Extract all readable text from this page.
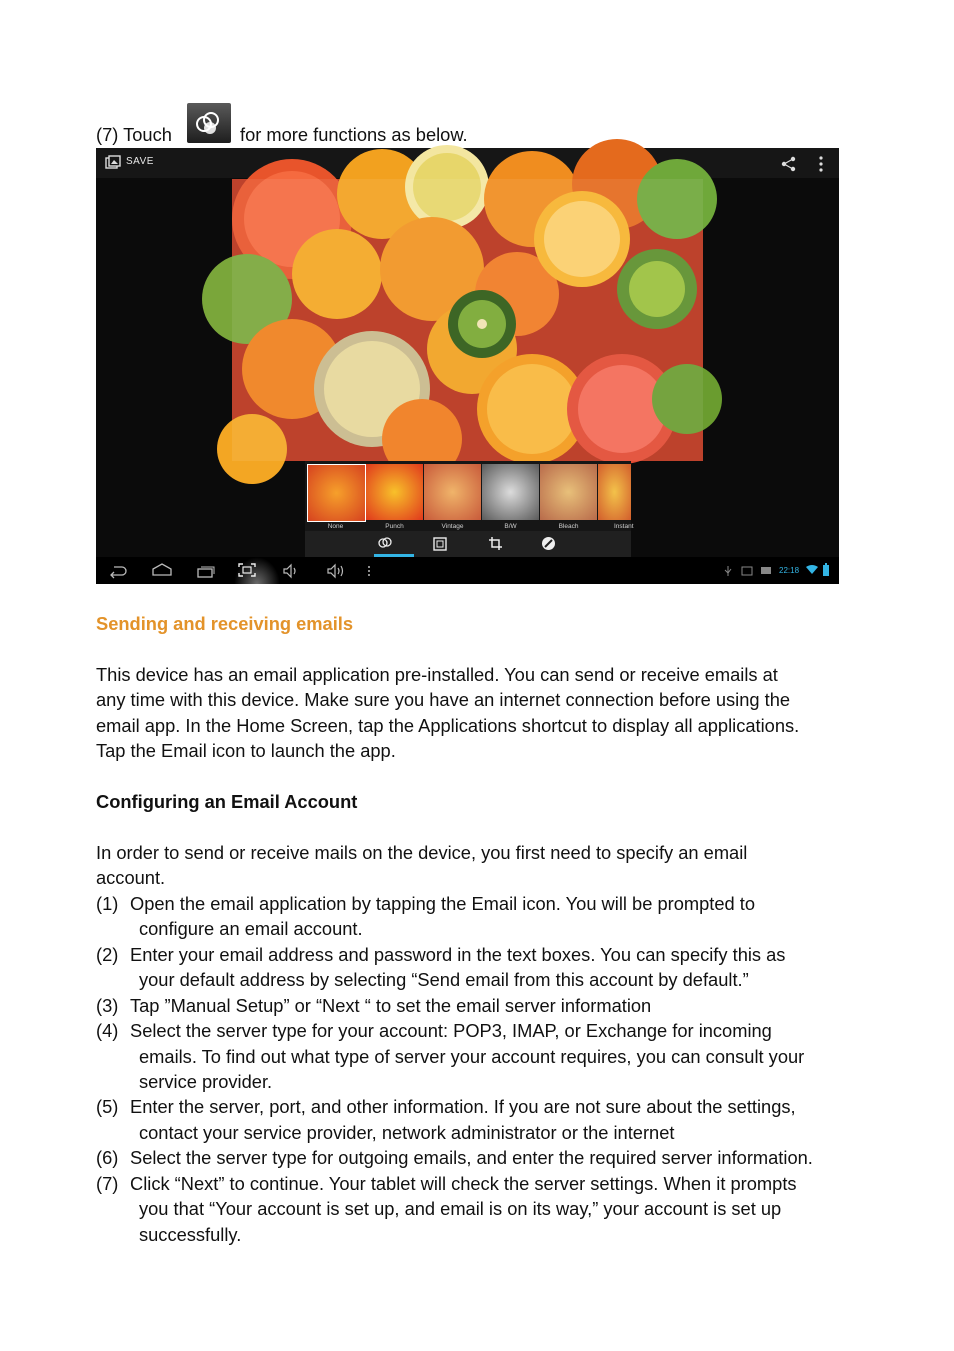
(7) Touch	for more functions as below.
SAVE
None	Punch	Vintage	B/W	Bleach	Instant
22:18
Sending and receiving emails
This device has an email application pre-installed. You can send or receive emails at
any time with this device. Make sure you have an internet connection before using the
email app. In the Home Screen, tap the Applications shortcut to display all applications.
Tap the Email icon to launch the app.
Configuring an Email Account
In order to send or receive mails on the device, you first need to specify an email
account.
(1) Open the email application by tapping the Email icon. You will be prompted to
configure an email account.
(2) Enter your email address and password in the text boxes. You can specify this as
your default address by selecting “Send email from this account by default.”
(3) Tap ”Manual Setup” or “Next “ to set the email server information
(4) Select the server type for your account: POP3, IMAP, or Exchange for incoming
emails. To find out what type of server your account requires, you can consult your
service provider.
(5) Enter the server, port, and other information. If you are not sure about the settings,
contact your service provider, network administrator or the internet
(6) Select the server type for outgoing emails, and enter the required server information.
(7) Click “Next” to continue. Your tablet will check the server settings. When it prompts
you that “Your account is set up, and email is on its way,” your account is set up
successfully.
